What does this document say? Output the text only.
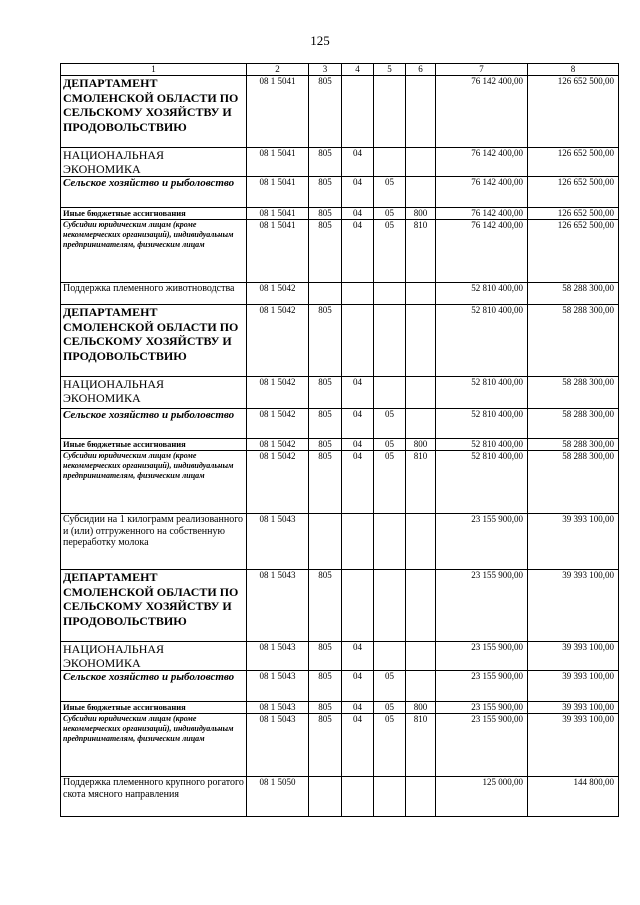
125
1	2	3	4	5	6	7	8
ДЕПАРТАМЕНТ СМОЛЕНСКОЙ ОБЛАСТИ ПО СЕЛЬСКОМУ ХОЗЯЙСТВУ И ПРОДОВОЛЬСТВИЮ	08 1 5041	805				76 142 400,00	126 652 500,00
НАЦИОНАЛЬНАЯ ЭКОНОМИКА	08 1 5041	805	04			76 142 400,00	126 652 500,00
Сельское хозяйство и рыболовство	08 1 5041	805	04	05		76 142 400,00	126 652 500,00
Иные бюджетные ассигнования	08 1 5041	805	04	05	800	76 142 400,00	126 652 500,00
Субсидии юридическим лицам (кроме некоммерческих организаций), индивидуальным предпринимателям, физическим лицам	08 1 5041	805	04	05	810	76 142 400,00	126 652 500,00
Поддержка племенного животноводства	08 1 5042					52 810 400,00	58 288 300,00
ДЕПАРТАМЕНТ СМОЛЕНСКОЙ ОБЛАСТИ ПО СЕЛЬСКОМУ ХОЗЯЙСТВУ И ПРОДОВОЛЬСТВИЮ	08 1 5042	805				52 810 400,00	58 288 300,00
НАЦИОНАЛЬНАЯ ЭКОНОМИКА	08 1 5042	805	04			52 810 400,00	58 288 300,00
Сельское хозяйство и рыболовство	08 1 5042	805	04	05		52 810 400,00	58 288 300,00
Иные бюджетные ассигнования	08 1 5042	805	04	05	800	52 810 400,00	58 288 300,00
Субсидии юридическим лицам (кроме некоммерческих организаций), индивидуальным предпринимателям, физическим лицам	08 1 5042	805	04	05	810	52 810 400,00	58 288 300,00
Субсидии на 1 килограмм реализованного и (или) отгруженного на собственную переработку молока	08 1 5043					23 155 900,00	39 393 100,00
ДЕПАРТАМЕНТ СМОЛЕНСКОЙ ОБЛАСТИ ПО СЕЛЬСКОМУ ХОЗЯЙСТВУ И ПРОДОВОЛЬСТВИЮ	08 1 5043	805				23 155 900,00	39 393 100,00
НАЦИОНАЛЬНАЯ ЭКОНОМИКА	08 1 5043	805	04			23 155 900,00	39 393 100,00
Сельское хозяйство и рыболовство	08 1 5043	805	04	05		23 155 900,00	39 393 100,00
Иные бюджетные ассигнования	08 1 5043	805	04	05	800	23 155 900,00	39 393 100,00
Субсидии юридическим лицам (кроме некоммерческих организаций), индивидуальным предпринимателям, физическим лицам	08 1 5043	805	04	05	810	23 155 900,00	39 393 100,00
Поддержка племенного крупного рогатого скота мясного направления	08 1 5050					125 000,00	144 800,00
